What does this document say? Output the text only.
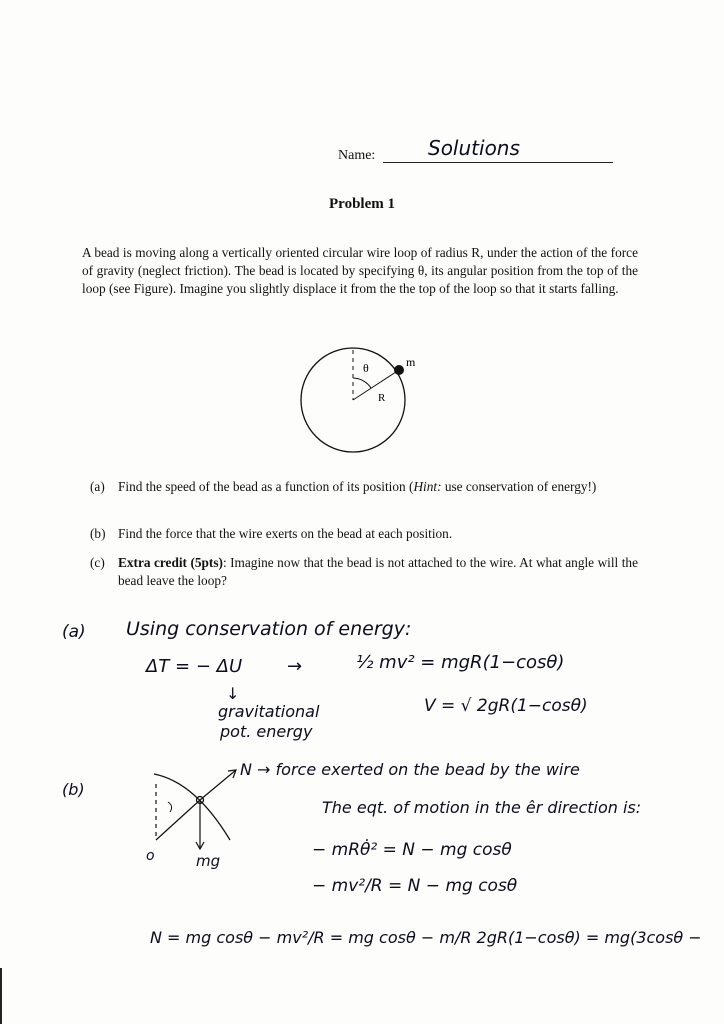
Name:	Solutions
Problem 1
A bead is moving along a vertically oriented circular wire loop of radius R, under the action of the force of gravity (neglect friction). The bead is located by specifying θ, its angular position from the top of the loop (see Figure). Imagine you slightly displace it from the the top of the loop so that it starts falling.
θ
R
m
(a) Find the speed of the bead as a function of its position (Hint: use conservation of energy!)
(b) Find the force that the wire exerts on the bead at each position.
(c) Extra credit (5pts): Imagine now that the bead is not attached to the wire. At what angle will the bead leave the loop?
(a) Using conservation of energy:
ΔT = − ΔU →	½ mv² = mgR(1−cosθ)
↓
gravitational
pot. energy
V = √ 2gR(1−cosθ)
(b)
o	mg
N → force exerted on the bead by the wire
The eqt. of motion in the êr direction is:
− mRθ̇² = N − mg cosθ
− mv²/R = N − mg cosθ
N = mg cosθ − mv²/R = mg cosθ − m/R 2gR(1−cosθ) = mg(3cosθ −
